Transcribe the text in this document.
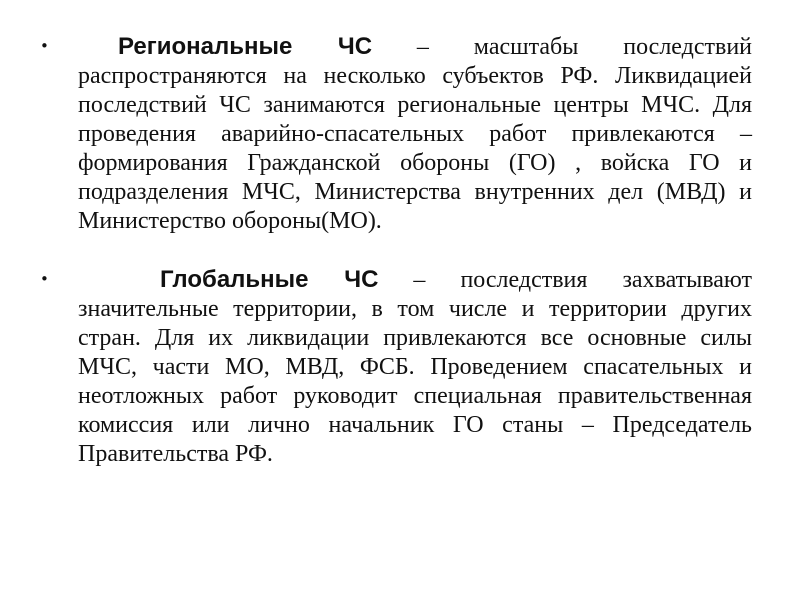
•	Региональные ЧС – масштабы последствий распространяются на несколько субъектов РФ. Ликвидацией последствий ЧС занимаются региональные центры МЧС. Для проведения аварийно-спасательных работ привлекаются – формирования Гражданской обороны (ГО) , войска ГО и подразделения МЧС, Министерства внутренних дел (МВД) и Министерство обороны(МО).

•	Глобальные ЧС – последствия захватывают значительные территории, в том числе и территории других стран. Для их ликвидации привлекаются все основные силы МЧС, части МО, МВД, ФСБ. Проведением спасательных и неотложных работ руководит специальная правительственная комиссия или лично начальник ГО станы – Председатель Правительства РФ.
